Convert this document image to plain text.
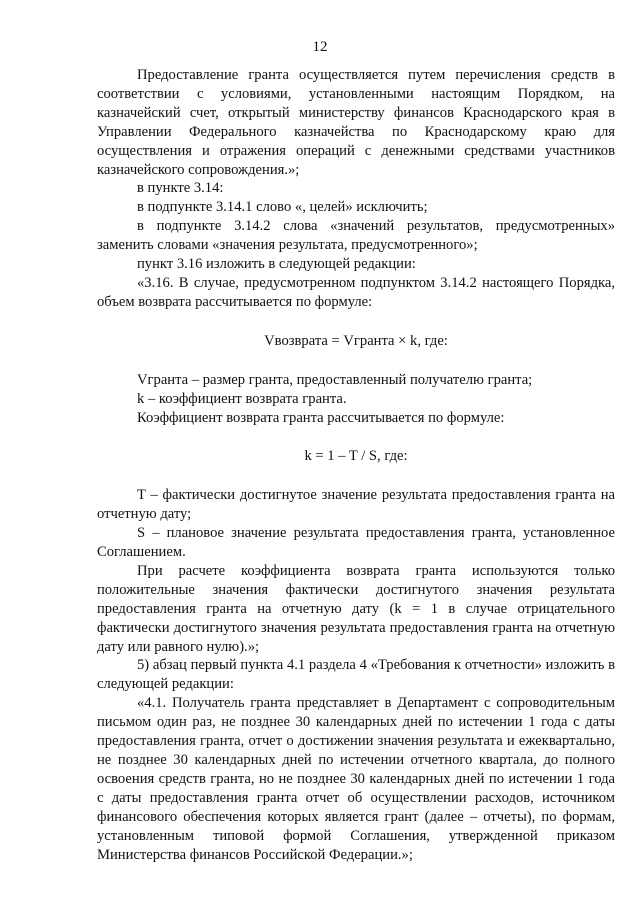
12

Предоставление гранта осуществляется путем перечисления средств в соответствии с условиями, установленными настоящим Порядком, на казначейский счет, открытый министерству финансов Краснодарского края в Управлении Федерального казначейства по Краснодарскому краю для осуществления и отражения операций с денежными средствами участников казначейского сопровождения.»;

в пункте 3.14:

в подпункте 3.14.1 слово «, целей» исключить;

в подпункте 3.14.2 слова «значений результатов, предусмотренных» заменить словами «значения результата, предусмотренного»;

пункт 3.16 изложить в следующей редакции:

«3.16. В случае, предусмотренном подпунктом 3.14.2 настоящего Порядка, объем возврата рассчитывается по формуле:

Vвозврата = Vгранта × k, где:

Vгранта – размер гранта, предоставленный получателю гранта;

k – коэффициент возврата гранта.

Коэффициент возврата гранта рассчитывается по формуле:

k = 1 – T / S, где:

T – фактически достигнутое значение результата предоставления гранта на отчетную дату;

S – плановое значение результата предоставления гранта, установленное Соглашением.

При расчете коэффициента возврата гранта используются только положительные значения фактически достигнутого значения результата предоставления гранта на отчетную дату (k = 1 в случае отрицательного фактически достигнутого значения результата предоставления гранта на отчетную дату или равного нулю).»;

5) абзац первый пункта 4.1 раздела 4 «Требования к отчетности» изложить в следующей редакции:

«4.1. Получатель гранта представляет в Департамент с сопроводительным письмом один раз, не позднее 30 календарных дней по истечении 1 года с даты предоставления гранта, отчет о достижении значения результата и ежеквартально, не позднее 30 календарных дней по истечении отчетного квартала, до полного освоения средств гранта, но не позднее 30 календарных дней по истечении 1 года с даты предоставления гранта отчет об осуществлении расходов, источником финансового обеспечения которых является грант (далее – отчеты), по формам, установленным типовой формой Соглашения, утвержденной приказом Министерства финансов Российской Федерации.»;
